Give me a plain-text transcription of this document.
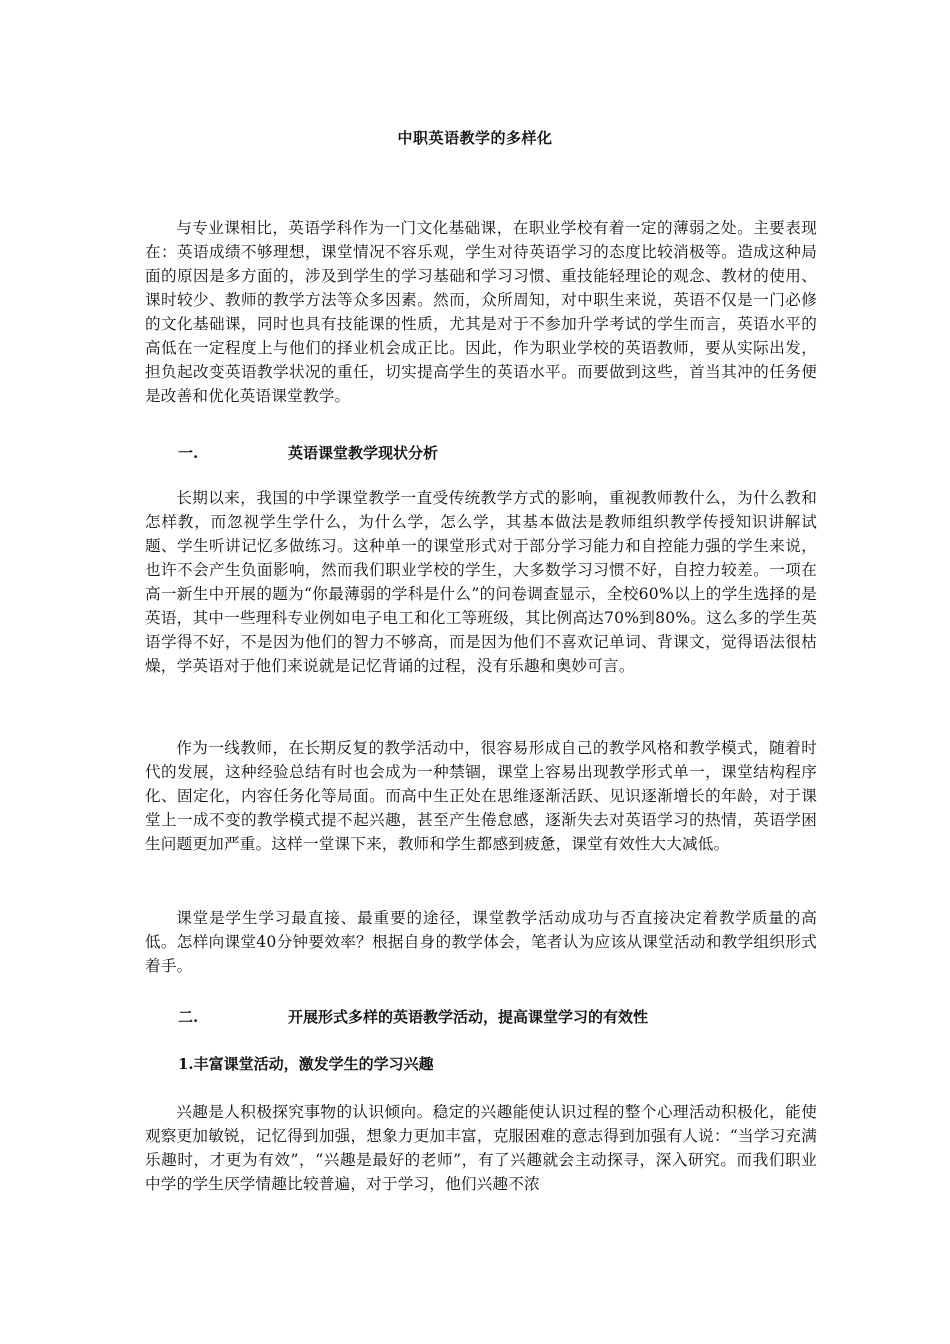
中职英语教学的多样化

与专业课相比，英语学科作为一门文化基础课，在职业学校有着一定的薄弱之处。主要表现在：英语成绩不够理想，课堂情况不容乐观，学生对待英语学习的态度比较消极等。造成这种局面的原因是多方面的，涉及到学生的学习基础和学习习惯、重技能轻理论的观念、教材的使用、课时较少、教师的教学方法等众多因素。然而，众所周知，对中职生来说，英语不仅是一门必修的文化基础课，同时也具有技能课的性质，尤其是对于不参加升学考试的学生而言，英语水平的高低在一定程度上与他们的择业机会成正比。因此，作为职业学校的英语教师，要从实际出发，担负起改变英语教学状况的重任，切实提高学生的英语水平。而要做到这些，首当其冲的任务便是改善和优化英语课堂教学。

一.	英语课堂教学现状分析

长期以来，我国的中学课堂教学一直受传统教学方式的影响，重视教师教什么，为什么教和怎样教，而忽视学生学什么，为什么学，怎么学，其基本做法是教师组织教学传授知识讲解试题、学生听讲记忆多做练习。这种单一的课堂形式对于部分学习能力和自控能力强的学生来说，也许不会产生负面影响，然而我们职业学校的学生，大多数学习习惯不好，自控力较差。一项在高一新生中开展的题为“你最薄弱的学科是什么”的问卷调查显示，全校60%以上的学生选择的是英语，其中一些理科专业例如电子电工和化工等班级，其比例高达70%到80%。这么多的学生英语学得不好，不是因为他们的智力不够高，而是因为他们不喜欢记单词、背课文，觉得语法很枯燥，学英语对于他们来说就是记忆背诵的过程，没有乐趣和奥妙可言。

作为一线教师，在长期反复的教学活动中，很容易形成自己的教学风格和教学模式，随着时代的发展，这种经验总结有时也会成为一种禁锢，课堂上容易出现教学形式单一，课堂结构程序化、固定化，内容任务化等局面。而高中生正处在思维逐渐活跃、见识逐渐增长的年龄，对于课堂上一成不变的教学模式提不起兴趣，甚至产生倦怠感，逐渐失去对英语学习的热情，英语学困生问题更加严重。这样一堂课下来，教师和学生都感到疲惫，课堂有效性大大减低。

课堂是学生学习最直接、最重要的途径，课堂教学活动成功与否直接决定着教学质量的高低。怎样向课堂40分钟要效率？根据自身的教学体会，笔者认为应该从课堂活动和教学组织形式着手。

二.	开展形式多样的英语教学活动，提高课堂学习的有效性
1.丰富课堂活动，激发学生的学习兴趣

兴趣是人积极探究事物的认识倾向。稳定的兴趣能使认识过程的整个心理活动积极化，能使观察更加敏锐，记忆得到加强，想象力更加丰富，克服困难的意志得到加强有人说：“当学习充满乐趣时，才更为有效”，“兴趣是最好的老师”，有了兴趣就会主动探寻，深入研究。而我们职业中学的学生厌学情趣比较普遍，对于学习，他们兴趣不浓
